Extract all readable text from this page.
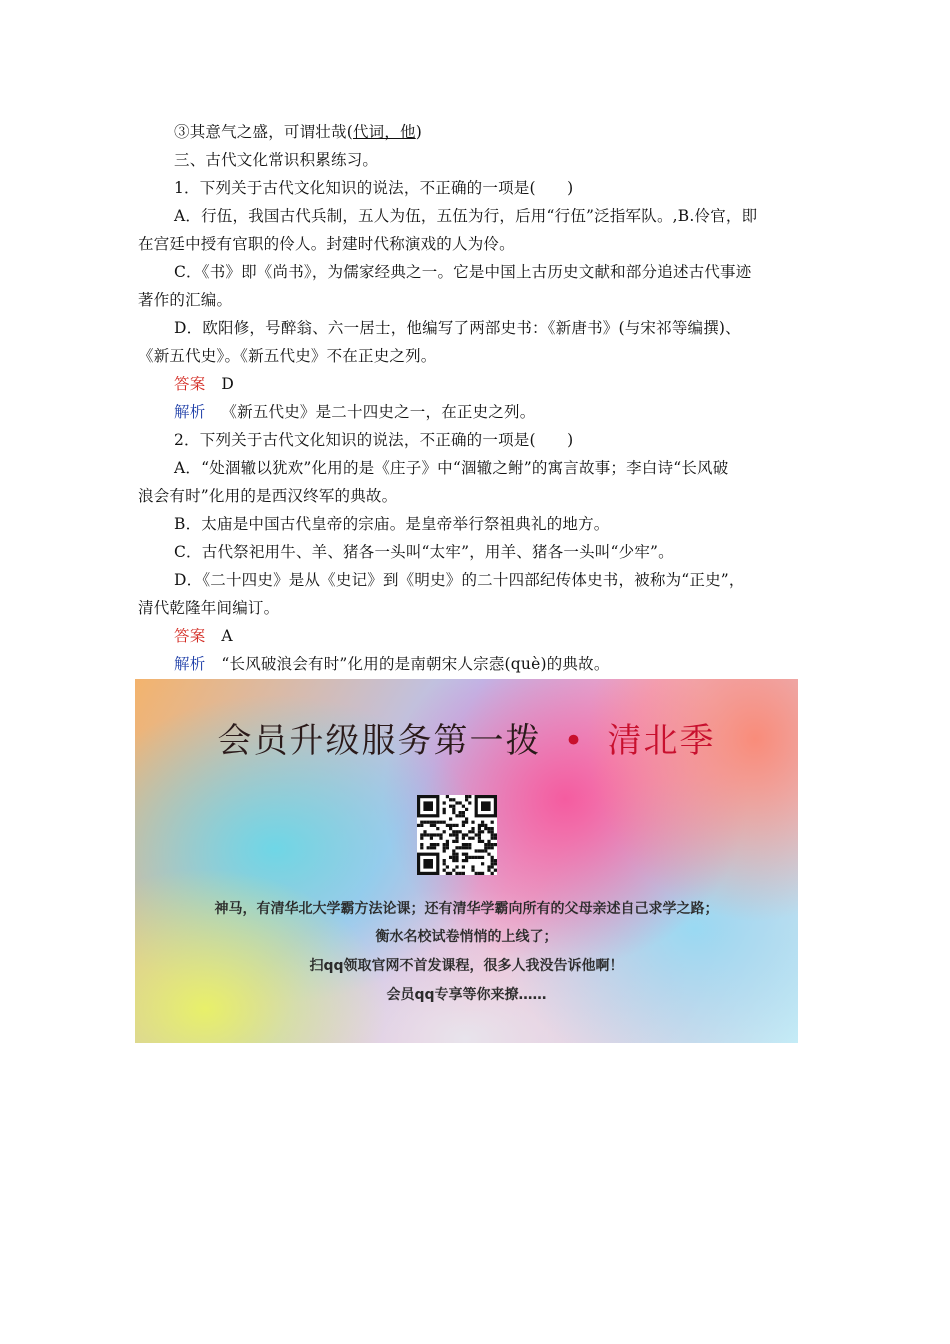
③其意气之盛，可谓壮哉(代词，他)
三、古代文化常识积累练习。
1．下列关于古代文化知识的说法，不正确的一项是(　　)
A．行伍，我国古代兵制，五人为伍，五伍为行，后用“行伍”泛指军队。,B.伶官，即
在宫廷中授有官职的伶人。封建时代称演戏的人为伶。
C．《书》即《尚书》，为儒家经典之一。它是中国上古历史文献和部分追述古代事迹
著作的汇编。
D．欧阳修，号醉翁、六一居士，他编写了两部史书：《新唐书》(与宋祁等编撰)、
《新五代史》。《新五代史》不在正史之列。
答案 D
解析 《新五代史》是二十四史之一，在正史之列。
2．下列关于古代文化知识的说法，不正确的一项是(　　)
A．“处涸辙以犹欢”化用的是《庄子》中“涸辙之鲋”的寓言故事；李白诗“长风破
浪会有时”化用的是西汉终军的典故。
B．太庙是中国古代皇帝的宗庙。是皇帝举行祭祖典礼的地方。
C．古代祭祀用牛、羊、猪各一头叫“太牢”，用羊、猪各一头叫“少牢”。
D．《二十四史》是从《史记》到《明史》的二十四部纪传体史书，被称为“正史”，
清代乾隆年间编订。
答案 A
解析 “长风破浪会有时”化用的是南朝宋人宗悫(què)的典故。
会员升级服务第一拨 • 清北季
神马，有清华北大学霸方法论课；还有清华学霸向所有的父母亲述自己求学之路；
衡水名校试卷悄悄的上线了；
扫qq领取官网不首发课程，很多人我没告诉他啊！
会员qq专享等你来撩……
